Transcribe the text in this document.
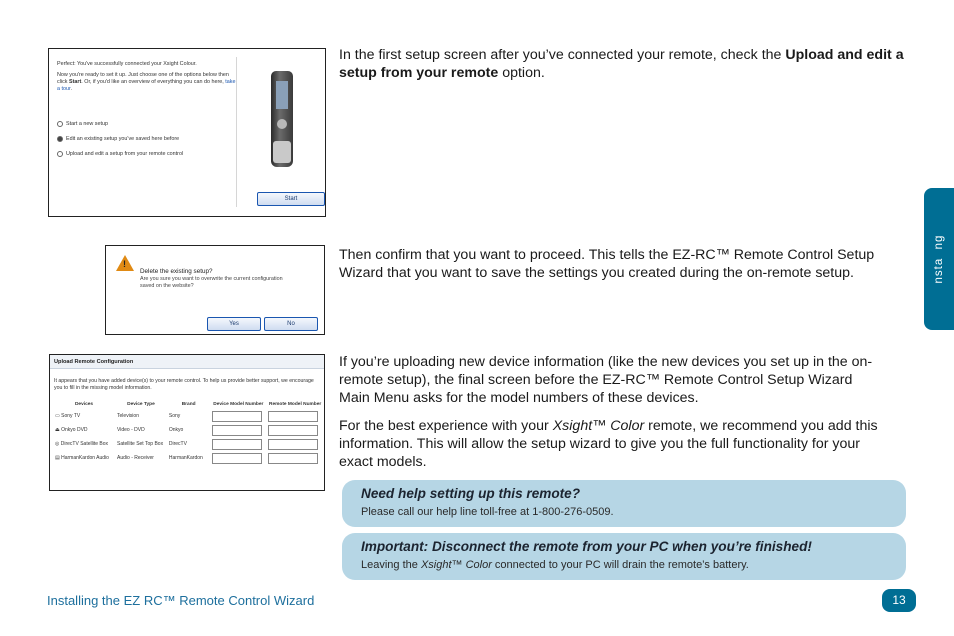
Perfect: You've successfully connected your Xsight Colour.
Now you're ready to set it up. Just choose one of the options below then click Start. Or, if you'd like an overview of everything you can do here, take a tour.
Start a new setup
Edit an existing setup you've saved here before
Upload and edit a setup from your remote control
Start
In the first setup screen after you’ve connected your remote, check the Upload and edit a setup from your remote option.
!
Delete the existing setup?
Are you sure you want to overwrite the current configuration saved on the website?
Yes	No
Then confirm that you want to proceed. This tells the EZ-RC™ Remote Control Setup Wizard that you want to save the settings you created during the on-remote setup.
Upload Remote Configuration
It appears that you have added device(s) to your remote control. To help us provide better support, we encourage you to fill in the missing model information.
Devices	Device Type	Brand	Device Model Number	Remote Model Number
▭ Sony TV	Television	Sony	

⏏ Onkyo DVD	Video - DVD	Onkyo	

◎ DirecTV Satellite Box	Satellite Set Top Box	DirecTV	

▤ HarmanKardon Audio	Audio - Receiver	HarmanKardon	

If you’re uploading new device information (like the new devices you set up in the on-remote setup), the final screen before the EZ-RC™ Remote Control Setup Wizard Main Menu asks for the model numbers of these devices.
For the best experience with your Xsight™ Color remote, we recommend you add this information. This will allow the setup wizard to give you the full functionality for your exact models.
Need help setting up this remote?
Please call our help line toll-free at 1-800-276-0509.
Important: Disconnect the remote from your PC when you’re finished!
Leaving the Xsight™ Color connected to your PC will drain the remote’s battery.
nsta  ng
Installing the EZ RC™ Remote Control Wizard	13
